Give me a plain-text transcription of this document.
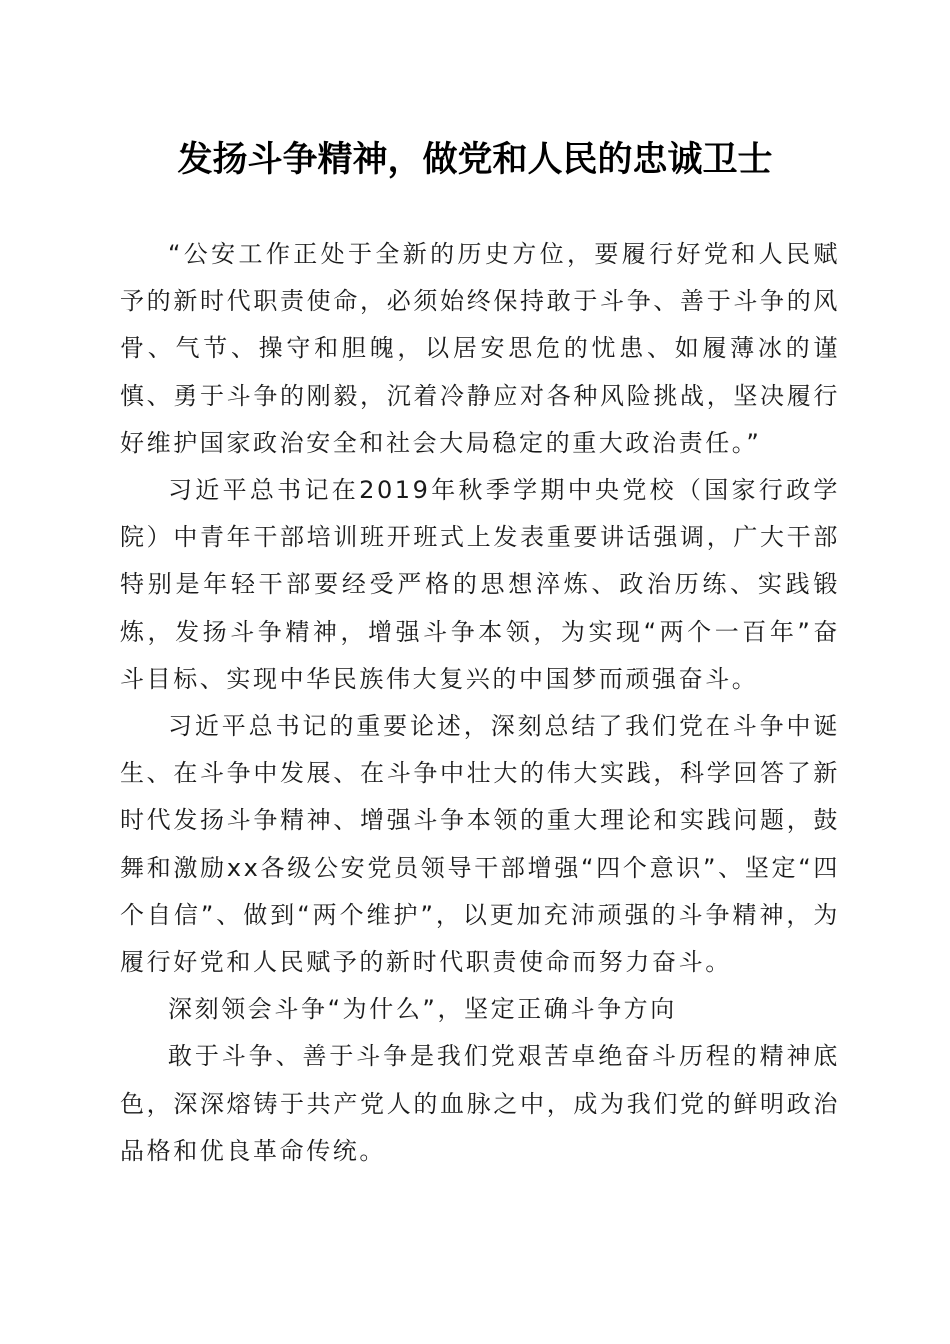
发扬斗争精神，做党和人民的忠诚卫士

“公安工作正处于全新的历史方位，要履行好党和人民赋予的新时代职责使命，必须始终保持敢于斗争、善于斗争的风骨、气节、操守和胆魄，以居安思危的忧患、如履薄冰的谨慎、勇于斗争的刚毅，沉着冷静应对各种风险挑战，坚决履行好维护国家政治安全和社会大局稳定的重大政治责任。”

习近平总书记在2019年秋季学期中央党校（国家行政学院）中青年干部培训班开班式上发表重要讲话强调，广大干部特别是年轻干部要经受严格的思想淬炼、政治历练、实践锻炼，发扬斗争精神，增强斗争本领，为实现“两个一百年”奋斗目标、实现中华民族伟大复兴的中国梦而顽强奋斗。

习近平总书记的重要论述，深刻总结了我们党在斗争中诞生、在斗争中发展、在斗争中壮大的伟大实践，科学回答了新时代发扬斗争精神、增强斗争本领的重大理论和实践问题，鼓舞和激励xx各级公安党员领导干部增强“四个意识”、坚定“四个自信”、做到“两个维护”，以更加充沛顽强的斗争精神，为履行好党和人民赋予的新时代职责使命而努力奋斗。

深刻领会斗争“为什么”，坚定正确斗争方向

敢于斗争、善于斗争是我们党艰苦卓绝奋斗历程的精神底色，深深熔铸于共产党人的血脉之中，成为我们党的鲜明政治品格和优良革命传统。
